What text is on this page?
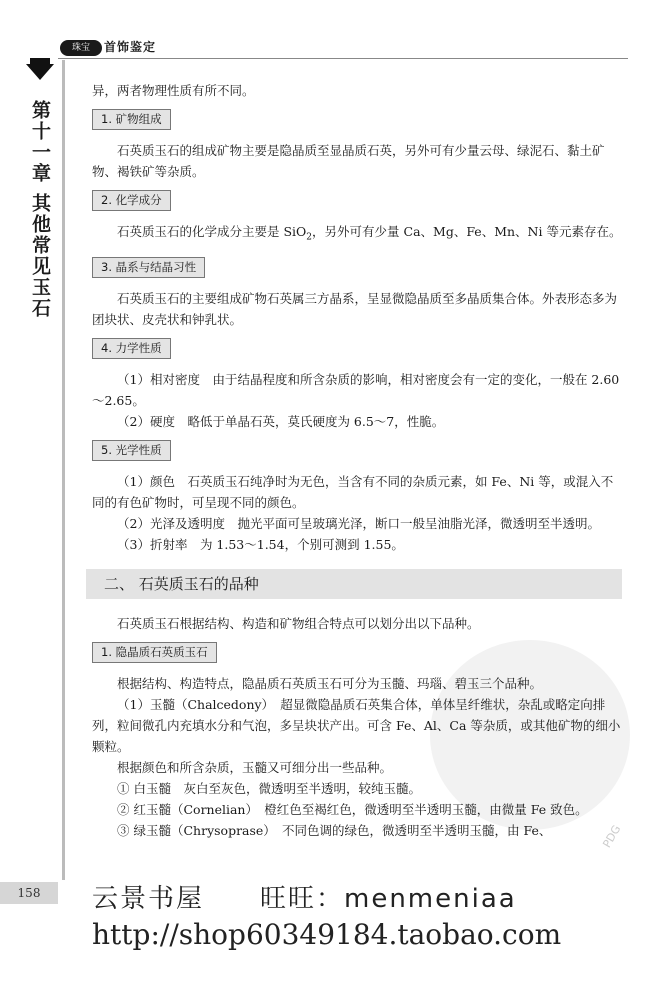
珠宝	首饰鉴定
第十一章 其他常见玉石
PDG

异，两者物理性质有所不同。

1. 矿物组成

石英质玉石的组成矿物主要是隐晶质至显晶质石英，另外可有少量云母、绿泥石、黏土矿物、褐铁矿等杂质。

2. 化学成分

石英质玉石的化学成分主要是 SiO$_2$，另外可有少量 Ca、Mg、Fe、Mn、Ni 等元素存在。

3. 晶系与结晶习性

石英质玉石的主要组成矿物石英属三方晶系，呈显微隐晶质至多晶质集合体。外表形态多为团块状、皮壳状和钟乳状。

4. 力学性质

（1）相对密度　由于结晶程度和所含杂质的影响，相对密度会有一定的变化，一般在 2.60～2.65。

（2）硬度　略低于单晶石英，莫氏硬度为 6.5～7，性脆。

5. 光学性质

（1）颜色　石英质玉石纯净时为无色，当含有不同的杂质元素，如 Fe、Ni 等，或混入不同的有色矿物时，可呈现不同的颜色。

（2）光泽及透明度　抛光平面可呈玻璃光泽，断口一般呈油脂光泽，微透明至半透明。

（3）折射率　为 1.53～1.54，个别可测到 1.55。

二、 石英质玉石的品种

石英质玉石根据结构、构造和矿物组合特点可以划分出以下品种。

1. 隐晶质石英质玉石

根据结构、构造特点，隐晶质石英质玉石可分为玉髓、玛瑙、碧玉三个品种。

（1）玉髓（Chalcedony）　超显微隐晶质石英集合体，单体呈纤维状，杂乱或略定向排列，粒间微孔内充填水分和气泡，多呈块状产出。可含 Fe、Al、Ca 等杂质，或其他矿物的细小颗粒。

根据颜色和所含杂质，玉髓又可细分出一些品种。

① 白玉髓　灰白至灰色，微透明至半透明，较纯玉髓。

② 红玉髓（Cornelian）　橙红色至褐红色，微透明至半透明玉髓，由微量 Fe 致色。

③ 绿玉髓（Chrysoprase）　不同色调的绿色，微透明至半透明玉髓，由 Fe、

158	云景书屋　　旺旺：menmeniaa
http://shop60349184.taobao.com
